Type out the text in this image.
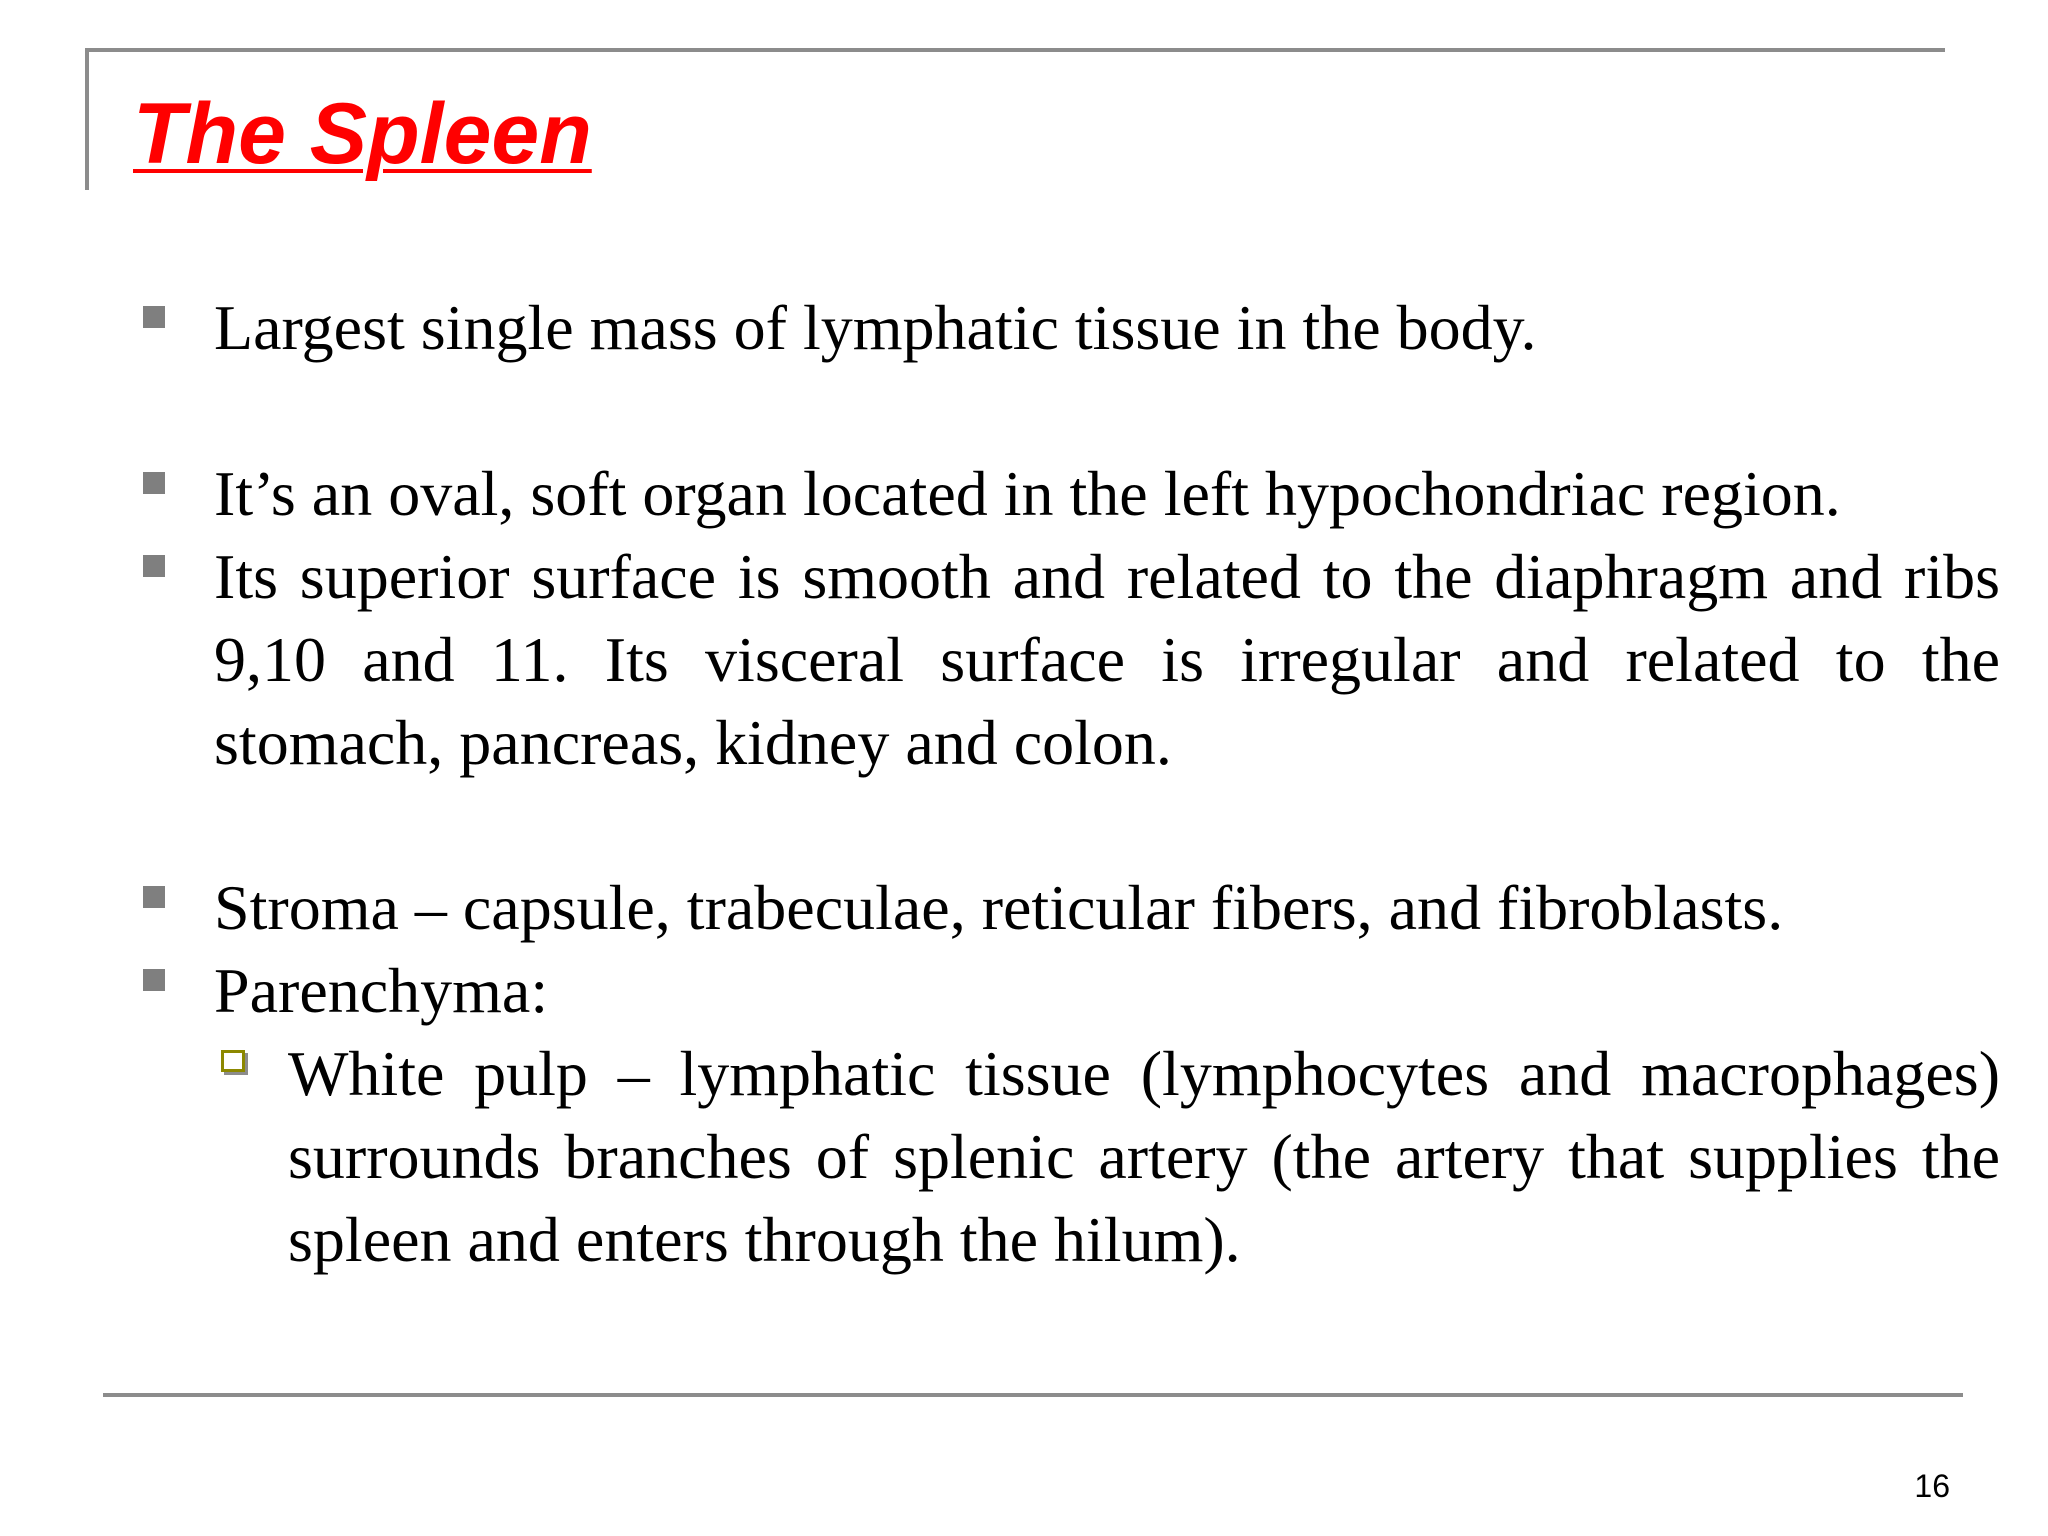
The Spleen
Largest single mass of lymphatic tissue in the body.
It’s an oval, soft organ located in the left hypochondriac region.
Its superior surface is smooth and related to the diaphragm and ribs 9,10 and 11. Its visceral surface is irregular and related to the stomach, pancreas, kidney and colon.
Stroma – capsule, trabeculae, reticular fibers, and fibroblasts.
Parenchyma:
White pulp – lymphatic tissue (lymphocytes and macrophages) surrounds branches of splenic artery (the artery that supplies the spleen and enters through the hilum).
16
